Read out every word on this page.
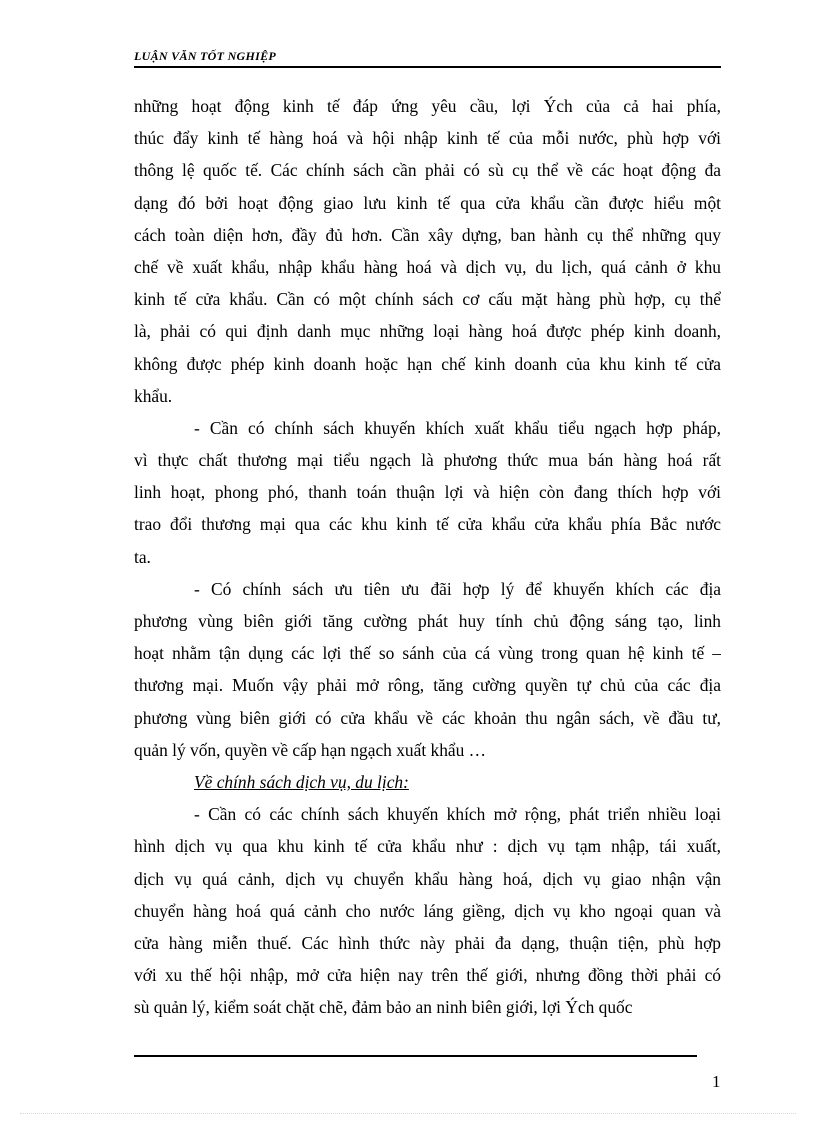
LUẬN VĂN TỐT NGHIỆP
những hoạt động kinh tế đáp ứng yêu cầu, lợi Ých của cả hai phía,
thúc đẩy kinh tế hàng hoá và hội nhập kinh tế của mỗi nước, phù hợp với
thông lệ quốc tế. Các chính sách cần phải có sù cụ thể về các hoạt động đa
dạng đó bởi hoạt động giao lưu kinh tế qua cửa khẩu cần được hiểu một
cách toàn diện hơn, đầy đủ hơn. Cần xây dựng, ban hành cụ thể những quy
chế về xuất khẩu, nhập khẩu hàng hoá và dịch vụ, du lịch, quá cảnh ở khu
kinh tế cửa khẩu. Cần có một chính sách cơ cấu mặt hàng phù hợp, cụ thể
là, phải có qui định danh mục những loại hàng hoá được phép kinh doanh,
không được phép kinh doanh hoặc hạn chế kinh doanh của khu kinh tế cửa
khẩu.
- Cần có chính sách khuyến khích xuất khẩu tiểu ngạch hợp pháp,
vì thực chất thương mại tiểu ngạch là phương thức mua bán hàng hoá rất
linh hoạt, phong phó, thanh toán thuận lợi và hiện còn đang thích hợp với
trao đổi thương mại qua các khu kinh tế cửa khẩu cửa khẩu phía Bắc nước
ta.
- Có chính sách ưu tiên ưu đãi hợp lý để khuyến khích các địa
phương vùng biên giới tăng cường phát huy tính chủ động sáng tạo, linh
hoạt nhằm tận dụng các lợi thế so sánh của cá vùng trong quan hệ kinh tế –
thương mại. Muốn vậy phải mở rông, tăng cường quyền tự chủ của các địa
phương vùng biên giới có cửa khẩu về các khoản thu ngân sách, về đầu tư,
quản lý vốn, quyền về cấp hạn ngạch xuất khẩu …
Về chính sách dịch vụ, du lịch:
- Cần có các chính sách khuyến khích mở rộng, phát triển nhiều loại
hình dịch vụ qua khu kinh tế cửa khẩu như : dịch vụ tạm nhập, tái xuất,
dịch vụ quá cảnh, dịch vụ chuyển khẩu hàng hoá, dịch vụ giao nhận vận
chuyển hàng hoá quá cảnh cho nước láng giềng, dịch vụ kho ngoại quan và
cửa hàng miễn thuế. Các hình thức này phải đa dạng, thuận tiện, phù hợp
với xu thế hội nhập, mở cửa hiện nay trên thế giới, nhưng đồng thời phải có
sù quản lý, kiểm soát chặt chẽ, đảm bảo an ninh biên giới, lợi Ých quốc
1
